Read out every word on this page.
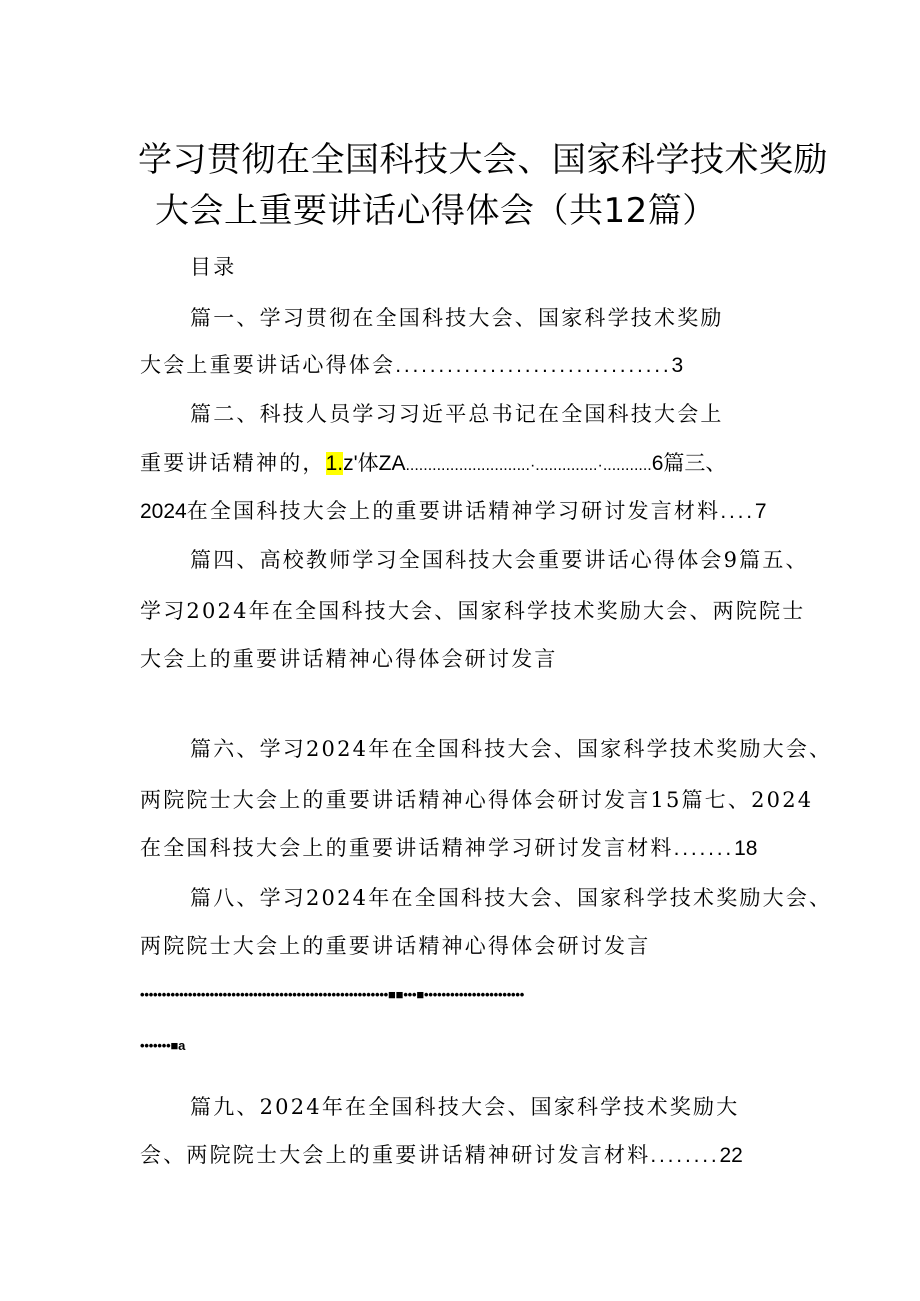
学习贯彻在全国科技大会、国家科学技术奖励
大会上重要讲话心得体会（共12篇）
目录
篇一、学习贯彻在全国科技大会、国家科学技术奖励
大会上重要讲话心得体会................................3
篇二、科技人员学习习近平总书记在全国科技大会上
重要讲话精神的，1.z'体ZA............................·..............·...........6篇三、
2024在全国科技大会上的重要讲话精神学习研讨发言材料....7
篇四、高校教师学习全国科技大会重要讲话心得体会9篇五、
学习2024年在全国科技大会、国家科学技术奖励大会、两院院士
大会上的重要讲话精神心得体会研讨发言
篇六、学习2024年在全国科技大会、国家科学技术奖励大会、
两院院士大会上的重要讲话精神心得体会研讨发言15篇七、2024
在全国科技大会上的重要讲话精神学习研讨发言材料.......18
篇八、学习2024年在全国科技大会、国家科学技术奖励大会、
两院院士大会上的重要讲话精神心得体会研讨发言
•••••••••••••••••••••••••••••••••••••••••••••••••••••••••■■•••■•••••••••••••••••••••••
•••••••■a
篇九、2024年在全国科技大会、国家科学技术奖励大
会、两院院士大会上的重要讲话精神研讨发言材料........22
